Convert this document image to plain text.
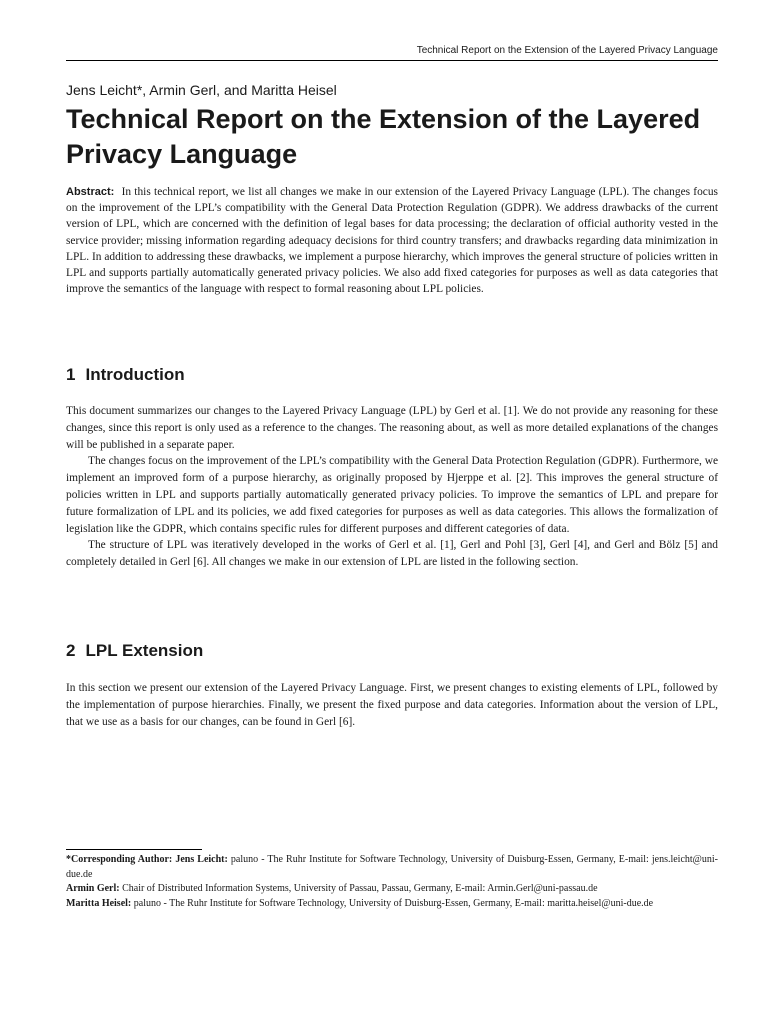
Technical Report on the Extension of the Layered Privacy Language
Jens Leicht*, Armin Gerl, and Maritta Heisel
Technical Report on the Extension of the Layered Privacy Language

Abstract: In this technical report, we list all changes we make in our extension of the Layered Privacy Language (LPL). The changes focus on the improvement of the LPL’s compatibility with the General Data Protection Regulation (GDPR). We address drawbacks of the current version of LPL, which are concerned with the definition of legal bases for data processing; the declaration of official authority vested in the service provider; missing information regarding adequacy decisions for third country transfers; and drawbacks regarding data minimization in LPL. In addition to addressing these drawbacks, we implement a purpose hierarchy, which improves the general structure of policies written in LPL and supports partially automatically generated privacy policies. We also add fixed categories for purposes as well as data categories that improve the semantics of the language with respect to formal reasoning about LPL policies.

1 Introduction

This document summarizes our changes to the Layered Privacy Language (LPL) by Gerl et al. [1]. We do not provide any reasoning for these changes, since this report is only used as a reference to the changes. The reasoning about, as well as more detailed explanations of the changes will be published in a separate paper.

The changes focus on the improvement of the LPL’s compatibility with the General Data Protection Regulation (GDPR). Furthermore, we implement an improved form of a purpose hierarchy, as originally proposed by Hjerppe et al. [2]. This improves the general structure of policies written in LPL and supports partially automatically generated privacy policies. To improve the semantics of LPL and prepare for future formalization of LPL and its policies, we add fixed categories for purposes as well as data categories. This allows the formalization of legislation like the GDPR, which contains specific rules for different purposes and different categories of data.

The structure of LPL was iteratively developed in the works of Gerl et al. [1], Gerl and Pohl [3], Gerl [4], and Gerl and Bölz [5] and completely detailed in Gerl [6]. All changes we make in our extension of LPL are listed in the following section.

2 LPL Extension

In this section we present our extension of the Layered Privacy Language. First, we present changes to existing elements of LPL, followed by the implementation of purpose hierarchies. Finally, we present the fixed purpose and data categories. Information about the version of LPL, that we use as a basis for our changes, can be found in Gerl [6].

*Corresponding Author: Jens Leicht: paluno - The Ruhr Institute for Software Technology, University of Duisburg-Essen, Germany, E-mail: jens.leicht@uni-due.de

Armin Gerl: Chair of Distributed Information Systems, University of Passau, Passau, Germany, E-mail: Armin.Gerl@uni-passau.de

Maritta Heisel: paluno - The Ruhr Institute for Software Technology, University of Duisburg-Essen, Germany, E-mail: maritta.heisel@uni-due.de
